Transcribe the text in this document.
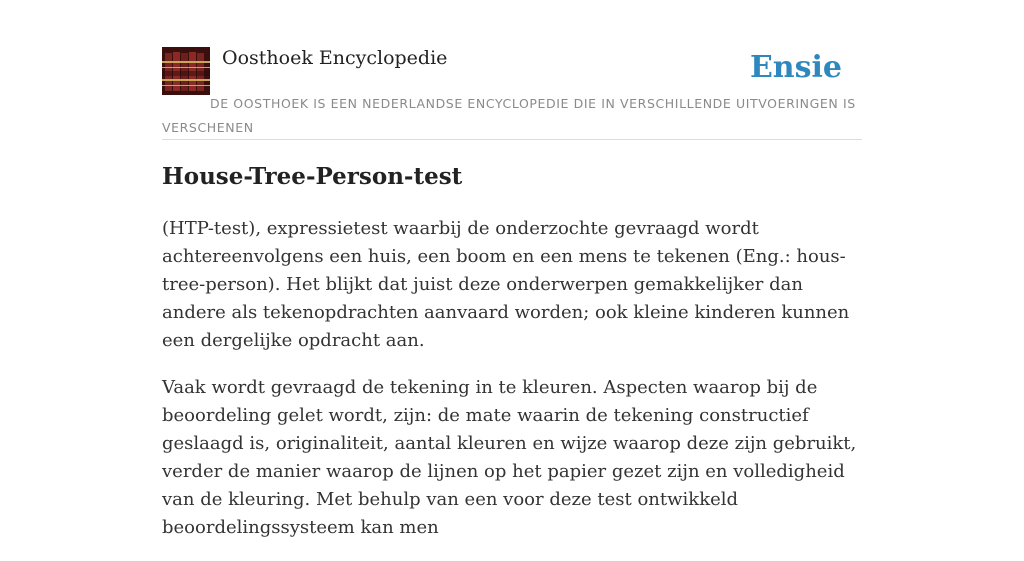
Oosthoek Encyclopedie	Ensie
DE OOSTHOEK IS EEN NEDERLANDSE ENCYCLOPEDIE DIE IN VERSCHILLENDE UITVOERINGEN IS VERSCHENEN
House-Tree-Person-test

(HTP-test), expressietest waarbij de onderzochte gevraagd wordt achtereenvolgens een huis, een boom en een mens te tekenen (Eng.: hous-tree-person). Het blijkt dat juist deze onderwerpen gemakkelijker dan andere als tekenopdrachten aanvaard worden; ook kleine kinderen kunnen een dergelijke opdracht aan.

Vaak wordt gevraagd de tekening in te kleuren. Aspecten waarop bij de beoordeling gelet wordt, zijn: de mate waarin de tekening constructief geslaagd is, originaliteit, aantal kleuren en wijze waarop deze zijn gebruikt, verder de manier waarop de lijnen op het papier gezet zijn en volledigheid van de kleuring. Met behulp van een voor deze test ontwikkeld beoordelingssysteem kan men
